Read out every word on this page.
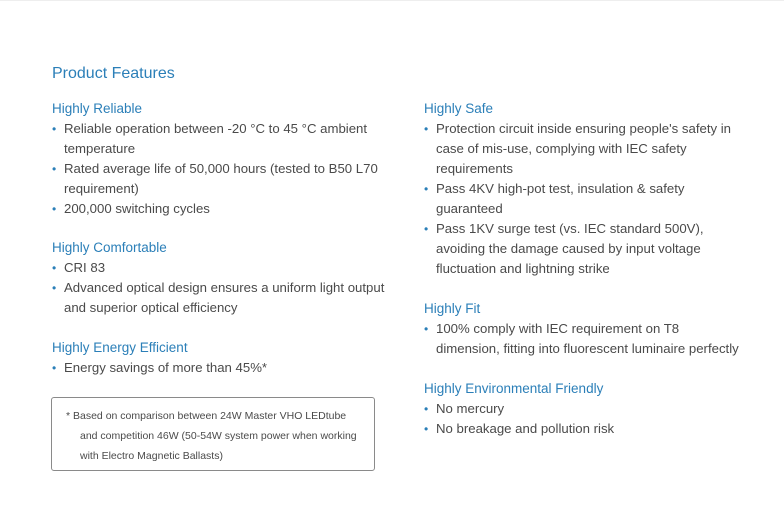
Product Features
Highly Reliable
• Reliable operation between -20 °C to 45 °C ambient temperature
• Rated average life of 50,000 hours (tested to B50 L70 requirement)
• 200,000 switching cycles
Highly Comfortable
• CRI 83
• Advanced optical design ensures a uniform light output and superior optical efficiency
Highly Energy Efficient
• Energy savings of more than 45%*
Highly Safe
• Protection circuit inside ensuring people's safety in case of mis-use, complying with IEC safety requirements
• Pass 4KV high-pot test, insulation & safety guaranteed
• Pass 1KV surge test (vs. IEC standard 500V), avoiding the damage caused by input voltage fluctuation and lightning strike
Highly Fit
• 100% comply with IEC requirement on T8 dimension, fitting into fluorescent luminaire perfectly
Highly Environmental Friendly
• No mercury
• No breakage and pollution risk

* Based on comparison between 24W Master VHO LEDtube and competition 46W (50-54W system power when working with Electro Magnetic Ballasts)
